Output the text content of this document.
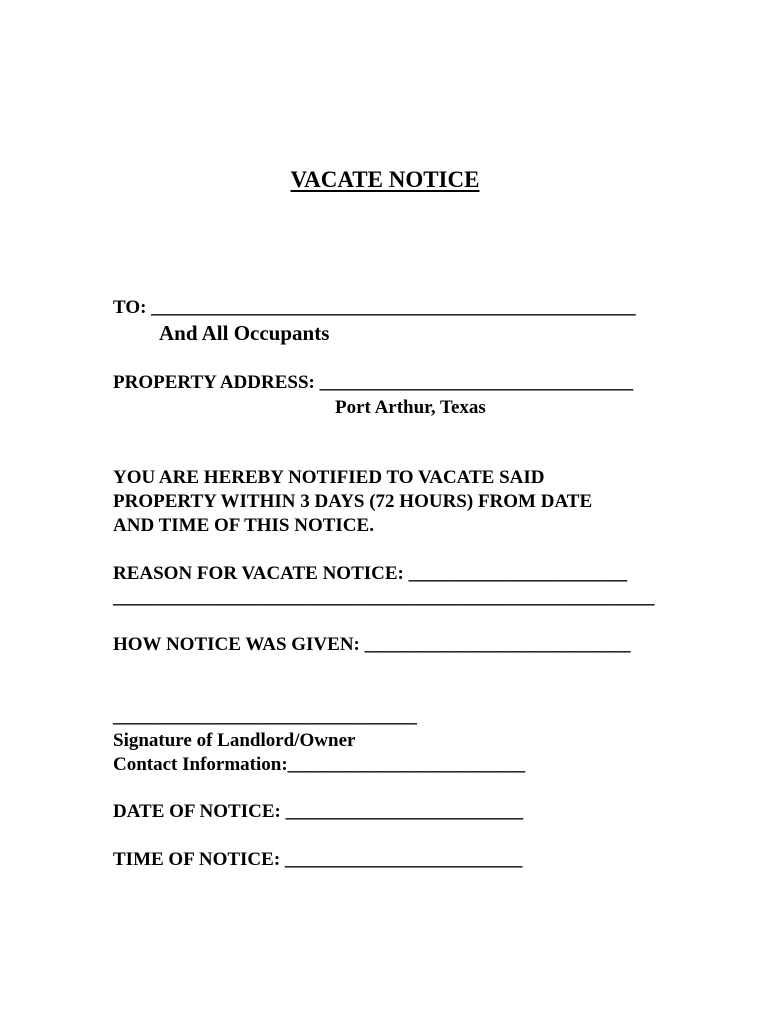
VACATE NOTICE
TO: ___________________________________________________
And All Occupants
PROPERTY ADDRESS: _________________________________
Port Arthur, Texas
YOU ARE HEREBY NOTIFIED TO VACATE SAID
PROPERTY WITHIN 3 DAYS (72 HOURS) FROM DATE
AND TIME OF THIS NOTICE.
REASON FOR VACATE NOTICE: _______________________
_________________________________________________________
HOW NOTICE WAS GIVEN: ____________________________
________________________________
Signature of Landlord/Owner
Contact Information:_________________________
DATE OF NOTICE: _________________________
TIME OF NOTICE: _________________________
